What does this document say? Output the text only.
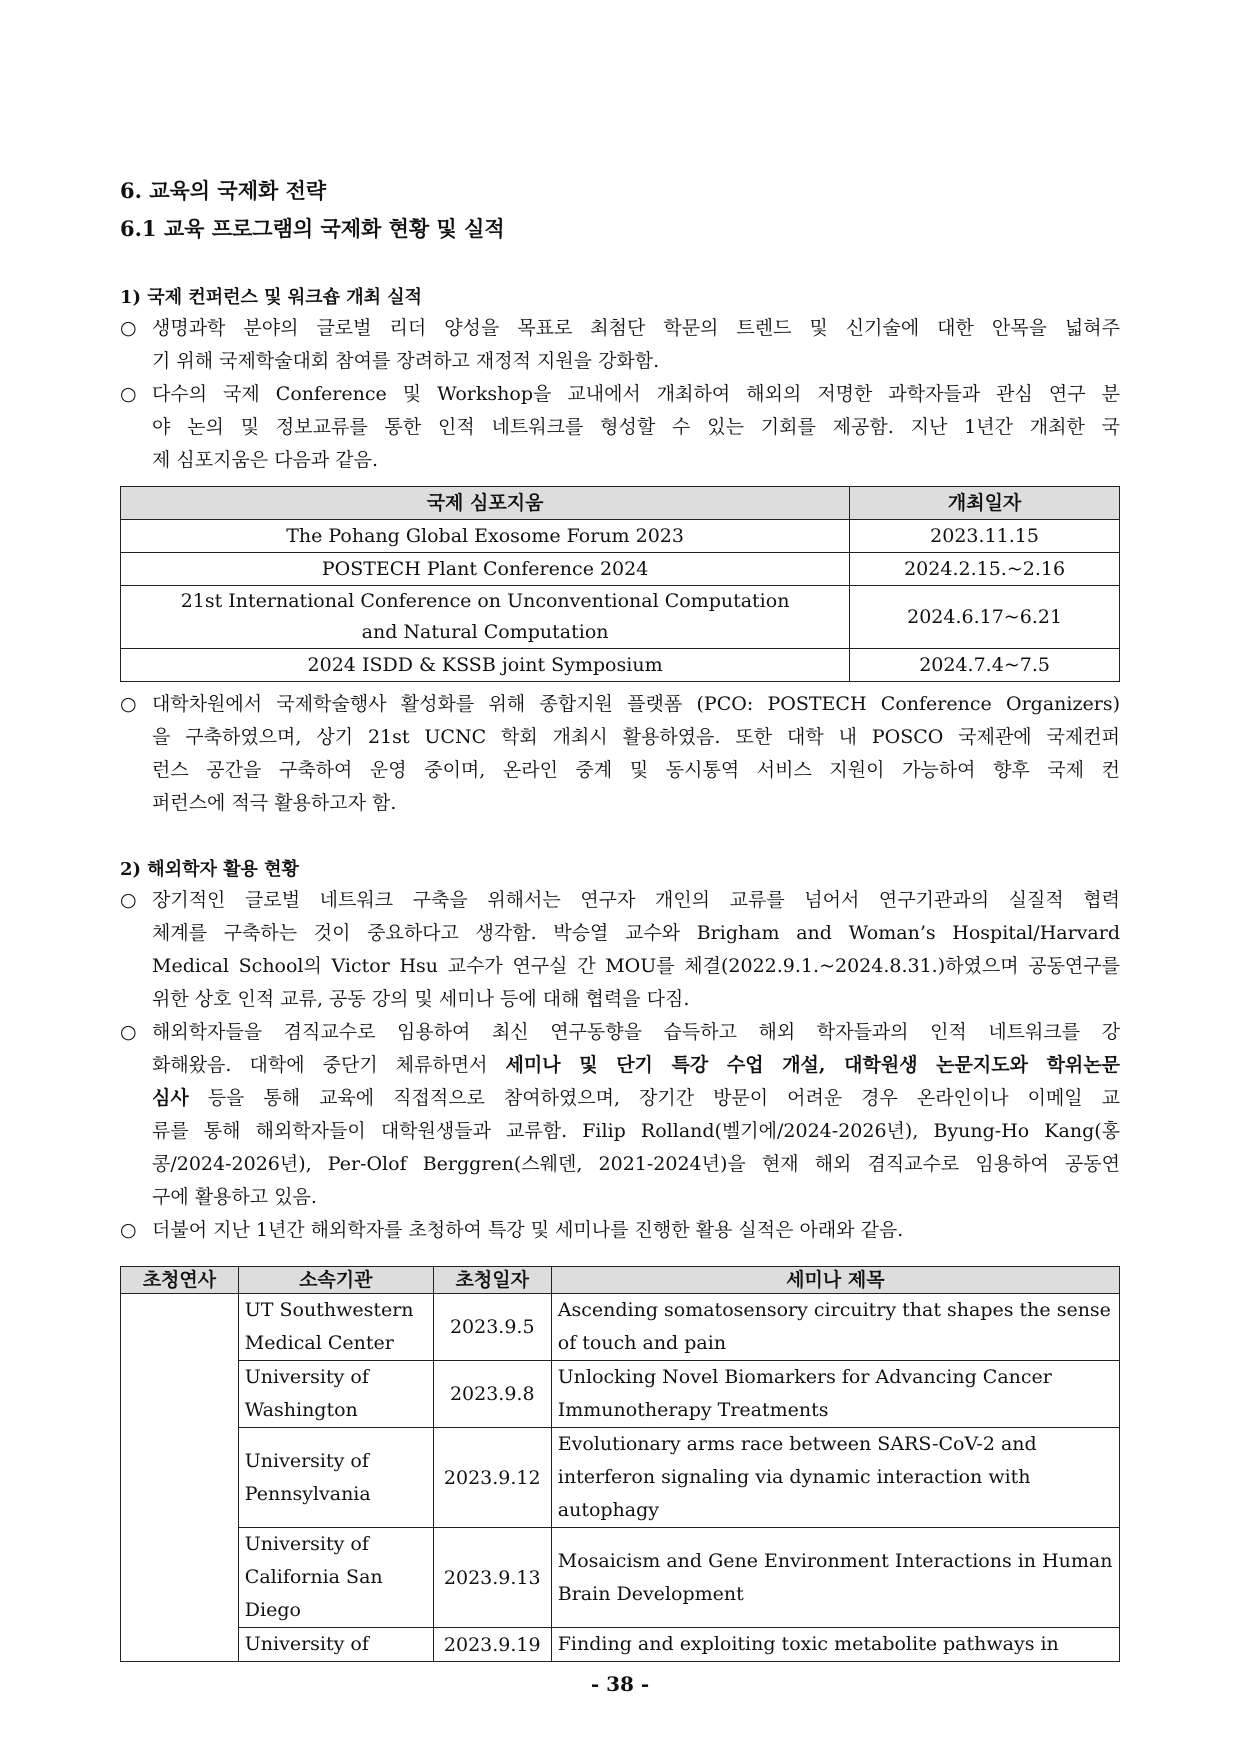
6. 교육의 국제화 전략
6.1 교육 프로그램의 국제화 현황 및 실적
1) 국제 컨퍼런스 및 워크숍 개최 실적
○ 생명과학 분야의 글로벌 리더 양성을 목표로 최첨단 학문의 트렌드 및 신기술에 대한 안목을 넓혀주
기 위해 국제학술대회 참여를 장려하고 재정적 지원을 강화함.
○ 다수의 국제 Conference 및 Workshop을 교내에서 개최하여 해외의 저명한 과학자들과 관심 연구 분
야 논의 및 정보교류를 통한 인적 네트워크를 형성할 수 있는 기회를 제공함. 지난 1년간 개최한 국
제 심포지움은 다음과 같음.
국제 심포지움	개최일자
The Pohang Global Exosome Forum 2023	2023.11.15
POSTECH Plant Conference 2024	2024.2.15.~2.16
21st International Conference on Unconventional Computation and Natural Computation	2024.6.17~6.21
2024 ISDD & KSSB joint Symposium	2024.7.4~7.5
○ 대학차원에서 국제학술행사 활성화를 위해 종합지원 플랫폼 (PCO: POSTECH Conference Organizers)
을 구축하였으며, 상기 21st UCNC 학회 개최시 활용하였음. 또한 대학 내 POSCO 국제관에 국제컨퍼
런스 공간을 구축하여 운영 중이며, 온라인 중계 및 동시통역 서비스 지원이 가능하여 향후 국제 컨
퍼런스에 적극 활용하고자 함.
2) 해외학자 활용 현황
○ 장기적인 글로벌 네트워크 구축을 위해서는 연구자 개인의 교류를 넘어서 연구기관과의 실질적 협력
체계를 구축하는 것이 중요하다고 생각함. 박승열 교수와 Brigham and Woman’s Hospital/Harvard
Medical School의 Victor Hsu 교수가 연구실 간 MOU를 체결(2022.9.1.~2024.8.31.)하였으며 공동연구를
위한 상호 인적 교류, 공동 강의 및 세미나 등에 대해 협력을 다짐.
○ 해외학자들을 겸직교수로 임용하여 최신 연구동향을 습득하고 해외 학자들과의 인적 네트워크를 강
화해왔음. 대학에 중단기 체류하면서 세미나 및 단기 특강 수업 개설, 대학원생 논문지도와 학위논문
심사 등을 통해 교육에 직접적으로 참여하였으며, 장기간 방문이 어려운 경우 온라인이나 이메일 교
류를 통해 해외학자들이 대학원생들과 교류함. Filip Rolland(벨기에/2024-2026년), Byung-Ho Kang(홍
콩/2024-2026년), Per-Olof Berggren(스웨덴, 2021-2024년)을 현재 해외 겸직교수로 임용하여 공동연
구에 활용하고 있음.
○ 더불어 지난 1년간 해외학자를 초청하여 특강 및 세미나를 진행한 활용 실적은 아래와 같음.
초청연사	소속기관	초청일자	세미나 제목
	UT Southwestern Medical Center	2023.9.5	Ascending somatosensory circuitry that shapes the sense of touch and pain
	University of Washington	2023.9.8	Unlocking Novel Biomarkers for Advancing Cancer Immunotherapy Treatments
	University of Pennsylvania	2023.9.12	Evolutionary arms race between SARS-CoV-2 and interferon signaling via dynamic interaction with autophagy
	University of California San Diego	2023.9.13	Mosaicism and Gene Environment Interactions in Human Brain Development
	University of	2023.9.19	Finding and exploiting toxic metabolite pathways in
- 38 -
